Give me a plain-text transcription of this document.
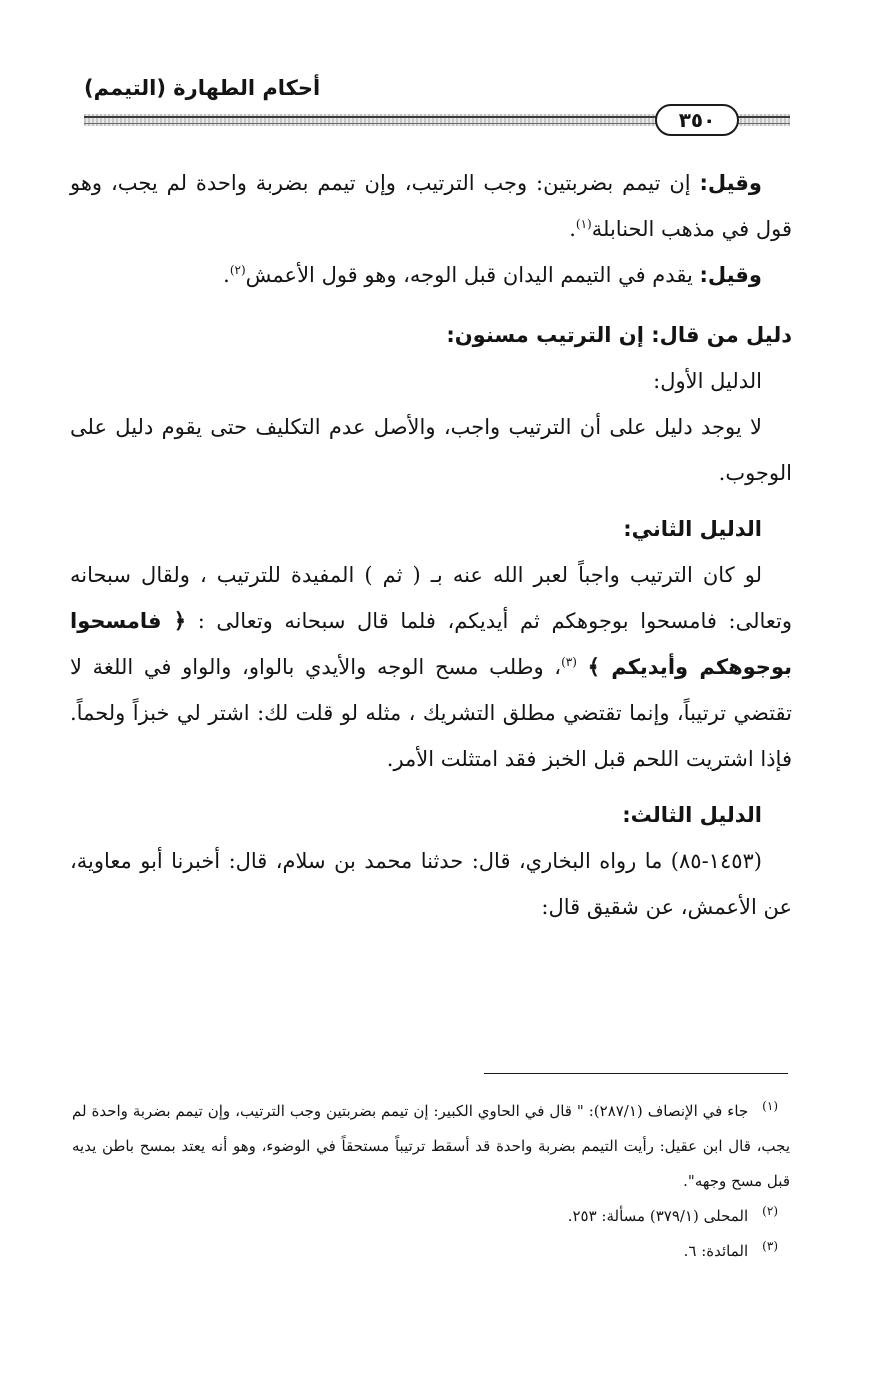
أحكام الطهارة (التيمم)
٣٥٠

وقيل: إن تيمم بضربتين: وجب الترتيب، وإن تيمم بضربة واحدة لم يجب، وهو قول في مذهب الحنابلة$^{(١)}$.

وقيل: يقدم في التيمم اليدان قبل الوجه، وهو قول الأعمش$^{(٢)}$.

دليل من قال: إن الترتيب مسنون:

الدليل الأول:

لا يوجد دليل على أن الترتيب واجب، والأصل عدم التكليف حتى يقوم دليل على الوجوب.

الدليل الثاني:

لو كان الترتيب واجباً لعبر الله عنه بـ ( ثم ) المفيدة للترتيب ، ولقال سبحانه وتعالى: فامسحوا بوجوهكم ثم أيديكم، فلما قال سبحانه وتعالى : ﴿ فامسحوا بوجوهكم وأيديكم ﴾ $^{(٣)}$، وطلب مسح الوجه والأيدي بالواو، والواو في اللغة لا تقتضي ترتيباً، وإنما تقتضي مطلق التشريك ، مثله لو قلت لك: اشتر لي خبزاً ولحماً. فإذا اشتريت اللحم قبل الخبز فقد امتثلت الأمر.

الدليل الثالث:

(١٤٥٣-٨٥) ما رواه البخاري، قال: حدثنا محمد بن سلام، قال: أخبرنا أبو معاوية، عن الأعمش، عن شقيق قال:

$^{(١)}$جاء في الإنصاف (٢٨٧/١): " قال في الحاوي الكبير: إن تيمم بضربتين وجب الترتيب، وإن تيمم بضربة واحدة لم يجب، قال ابن عقيل: رأيت التيمم بضربة واحدة قد أسقط ترتيباً مستحقاً في الوضوء، وهو أنه يعتد بمسح باطن يديه قبل مسح وجهه".

$^{(٢)}$المحلى (٣٧٩/١) مسألة: ٢٥٣.

$^{(٣)}$المائدة: ٦.
